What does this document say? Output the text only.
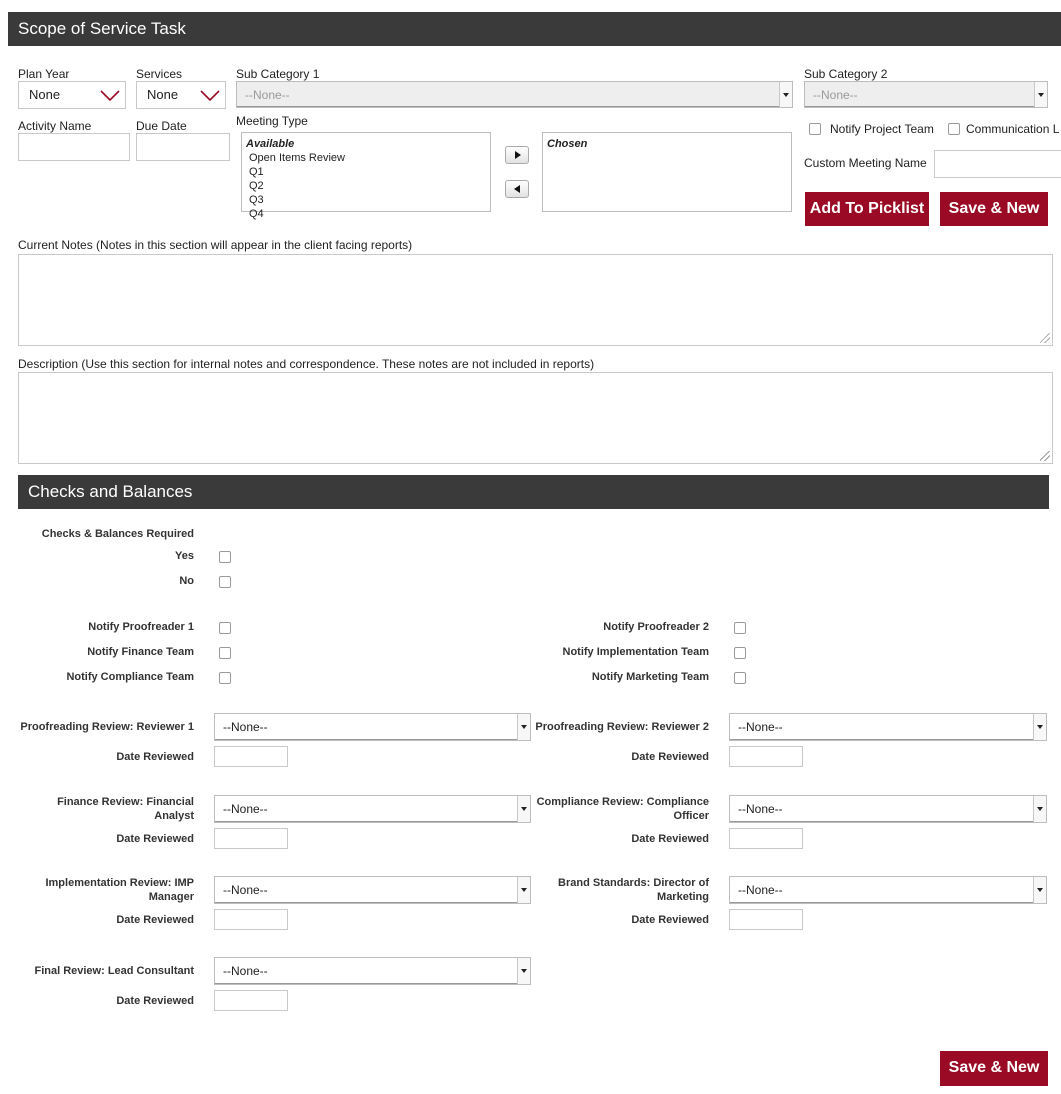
Scope of Service Task
Plan Year
None
Services
None
Sub Category 1
--None--
Sub Category 2
--None--
Activity Name	Due Date	Meeting Type
Available
Open Items Review
Q1
Q2
Q3
Q4
Chosen
Notify Project Team	Communication L
Custom Meeting Name
Add To Picklist	Save & New
Current Notes (Notes in this section will appear in the client facing reports)
Description (Use this section for internal notes and correspondence. These notes are not included in reports)
Checks and Balances
Checks & Balances Required
Yes
No
Notify Proofreader 1
Notify Finance Team
Notify Compliance Team
Notify Proofreader 2
Notify Implementation Team
Notify Marketing Team
Proofreading Review: Reviewer 1	--None--	Proofreading Review: Reviewer 2	--None--
Date Reviewed	Date Reviewed
Finance Review: Financial
Analyst	--None--	Compliance Review: Compliance
Officer	--None--
Date Reviewed	Date Reviewed
Implementation Review: IMP
Manager	--None--	Brand Standards: Director of
Marketing	--None--
Date Reviewed	Date Reviewed
Final Review: Lead Consultant	--None--
Date Reviewed
Save & New
